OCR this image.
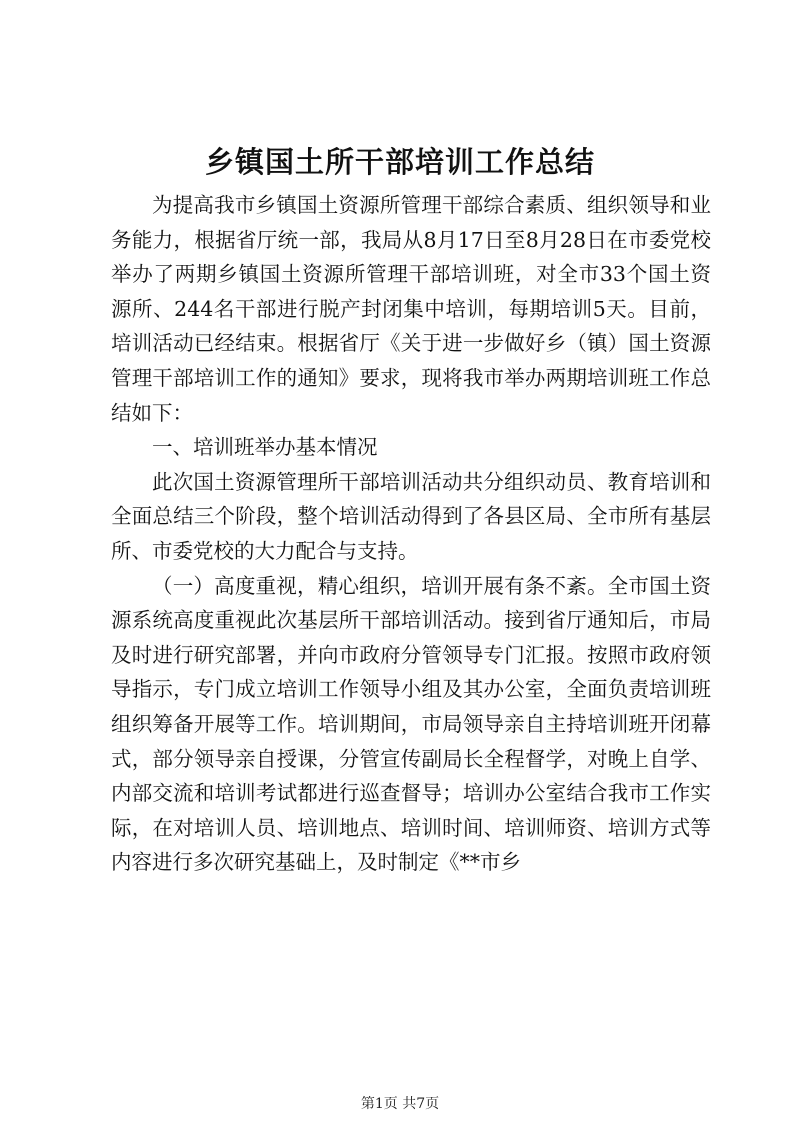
乡镇国土所干部培训工作总结

为提高我市乡镇国土资源所管理干部综合素质、组织领导和业务能力，根据省厅统一部，我局从8月17日至8月28日在市委党校举办了两期乡镇国土资源所管理干部培训班，对全市33个国土资源所、244名干部进行脱产封闭集中培训，每期培训5天。目前，培训活动已经结束。根据省厅《关于进一步做好乡（镇）国土资源管理干部培训工作的通知》要求，现将我市举办两期培训班工作总结如下：

一、培训班举办基本情况

此次国土资源管理所干部培训活动共分组织动员、教育培训和全面总结三个阶段，整个培训活动得到了各县区局、全市所有基层所、市委党校的大力配合与支持。

（一）高度重视，精心组织，培训开展有条不紊。全市国土资源系统高度重视此次基层所干部培训活动。接到省厅通知后，市局及时进行研究部署，并向市政府分管领导专门汇报。按照市政府领导指示，专门成立培训工作领导小组及其办公室，全面负责培训班组织筹备开展等工作。培训期间，市局领导亲自主持培训班开闭幕式，部分领导亲自授课，分管宣传副局长全程督学，对晚上自学、内部交流和培训考试都进行巡查督导；培训办公室结合我市工作实际，在对培训人员、培训地点、培训时间、培训师资、培训方式等内容进行多次研究基础上，及时制定《**市乡

第1页 共7页
